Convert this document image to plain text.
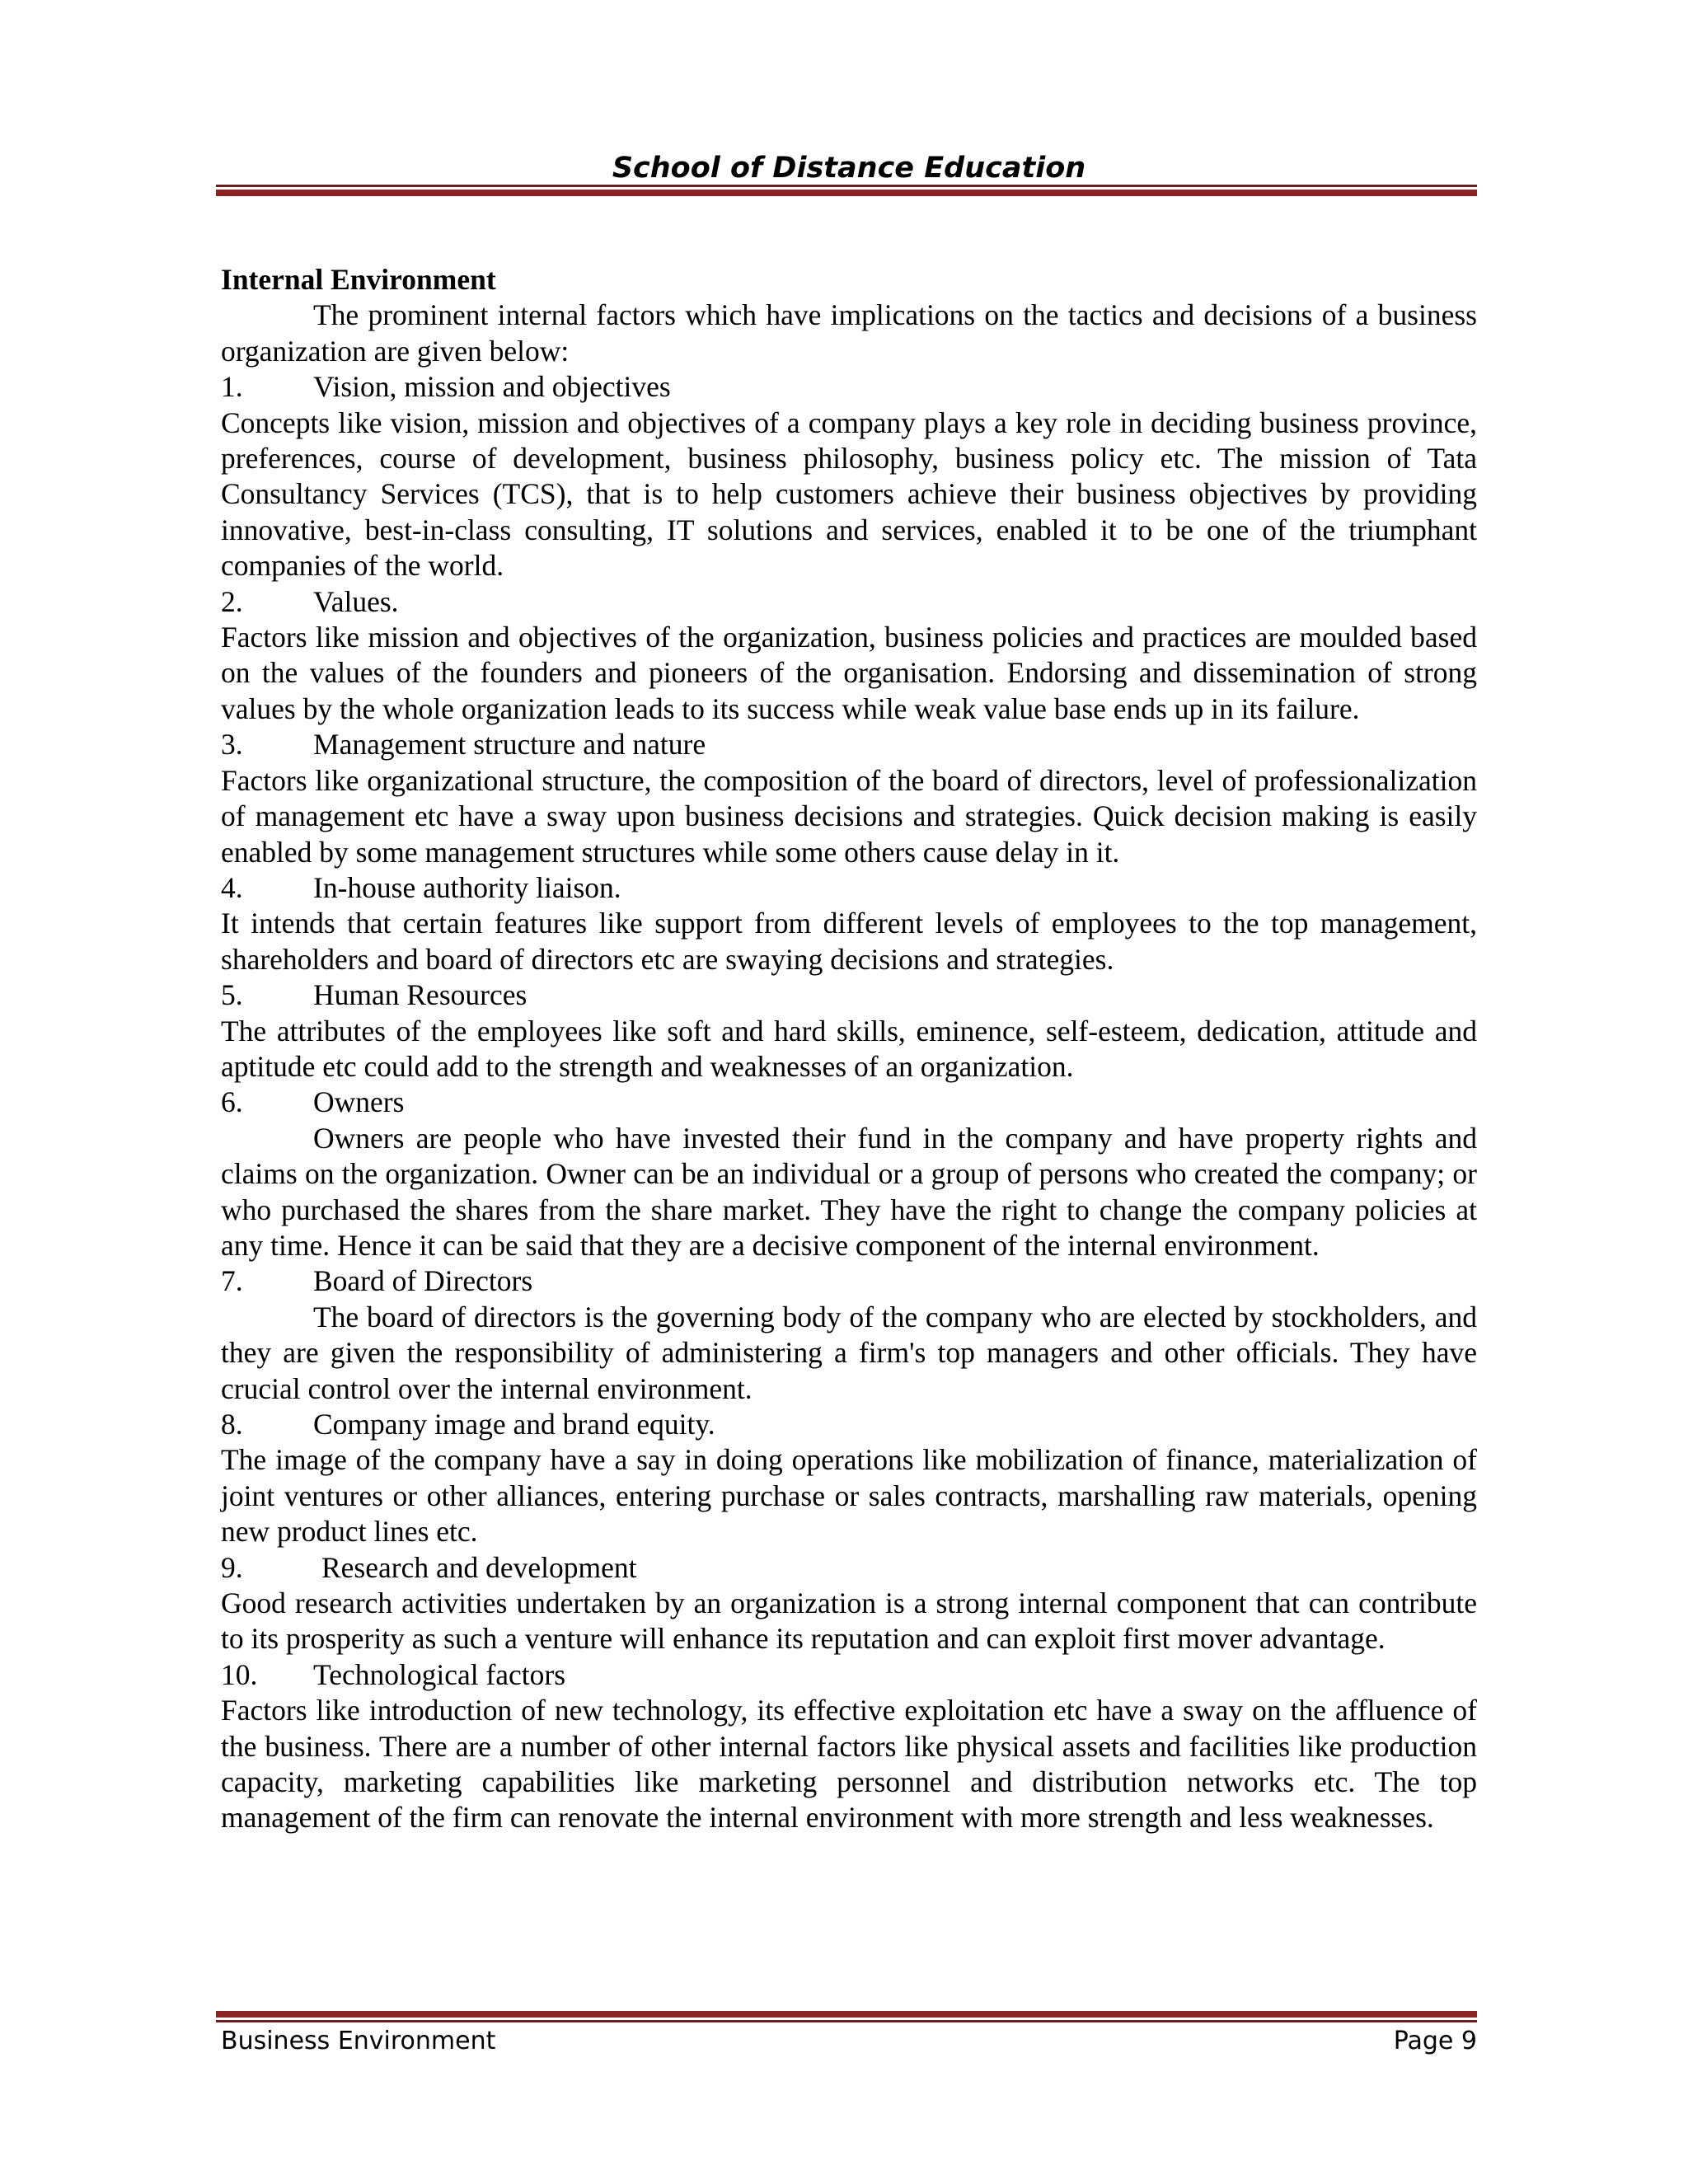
School of Distance Education

Internal Environment

The prominent internal factors which have implications on the tactics and decisions of a business organization are given below:

1.	Vision, mission and objectives

Concepts like vision, mission and objectives of a company plays a key role in deciding business province, preferences, course of development, business philosophy, business policy etc. The mission of Tata Consultancy Services (TCS), that is to help customers achieve their business objectives by providing innovative, best-in-class consulting, IT solutions and services, enabled it to be one of the triumphant companies of the world.

2.	Values.

Factors like mission and objectives of the organization, business policies and practices are moulded based on the values of the founders and pioneers of the organisation. Endorsing and dissemination of strong values by the whole organization leads to its success while weak value base ends up in its failure.

3.	Management structure and nature

Factors like organizational structure, the composition of the board of directors, level of professionalization of management etc have a sway upon business decisions and strategies. Quick decision making is easily enabled by some management structures while some others cause delay in it.

4.	In-house authority liaison.

It intends that certain features like support from different levels of employees to the top management, shareholders and board of directors etc are swaying decisions and strategies.

5.	Human Resources

The attributes of the employees like soft and hard skills, eminence, self-esteem, dedication, attitude and aptitude etc could add to the strength and weaknesses of an organization.

6.	Owners

Owners are people who have invested their fund in the company and have property rights and claims on the organization. Owner can be an individual or a group of persons who created the company; or who purchased the shares from the share market. They have the right to change the company policies at any time. Hence it can be said that they are a decisive component of the internal environment.

7.	Board of Directors

The board of directors is the governing body of the company who are elected by stockholders, and they are given the responsibility of administering a firm's top managers and other officials. They have crucial control over the internal environment.

8.	Company image and brand equity.

The image of the company have a say in doing operations like mobilization of finance, materialization of joint ventures or other alliances, entering purchase or sales contracts, marshalling raw materials, opening new product lines etc.

9.	Research and development

Good research activities undertaken by an organization is a strong internal component that can contribute to its prosperity as such a venture will enhance its reputation and can exploit first mover advantage.

10.	Technological factors

Factors like introduction of new technology, its effective exploitation etc have a sway on the affluence of the business. There are a number of other internal factors like physical assets and facilities like production capacity, marketing capabilities like marketing personnel and distribution networks etc. The top management of the firm can renovate the internal environment with more strength and less weaknesses.

Business Environment	Page 9
